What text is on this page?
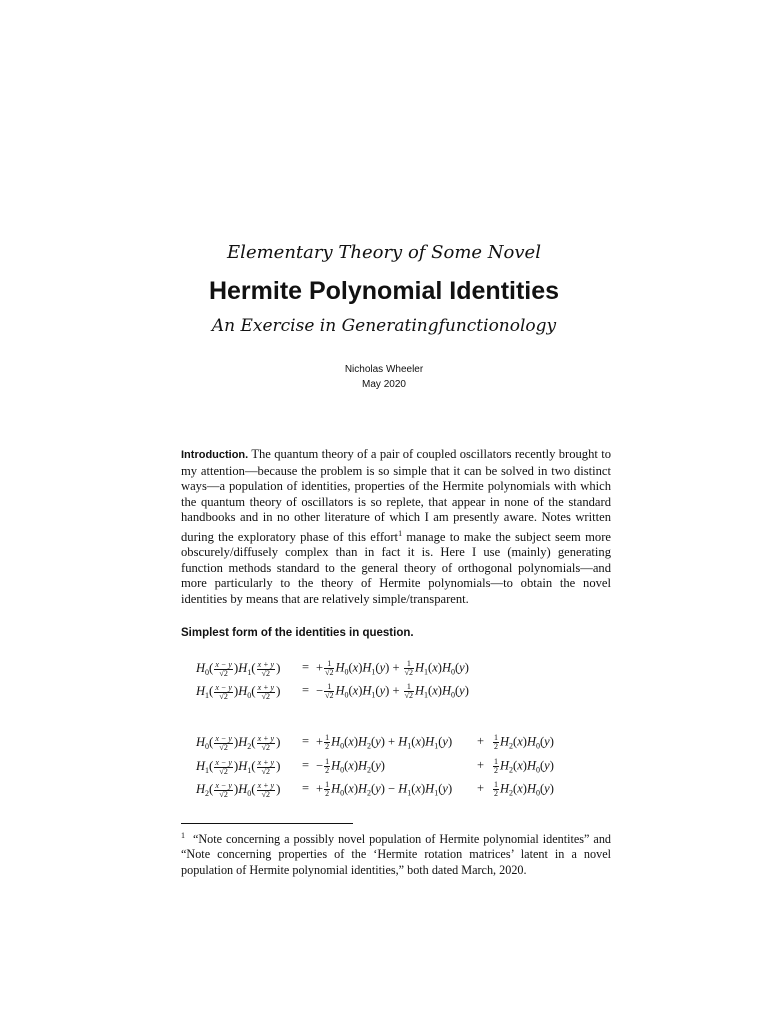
Elementary Theory of Some Novel
Hermite Polynomial Identities
An Exercise in Generatingfunctionology
Nicholas Wheeler
May 2020

Introduction. The quantum theory of a pair of coupled oscillators recently brought to my attention—because the problem is so simple that it can be solved in two distinct ways—a population of identities, properties of the Hermite polynomials with which the quantum theory of oscillators is so replete, that appear in none of the standard handbooks and in no other literature of which I am presently aware. Notes written during the exploratory phase of this effort$^1$ manage to make the subject seem more obscurely/diffusely complex than in fact it is. Here I use (mainly) generating function methods standard to the general theory of orthogonal polynomials—and more particularly to the theory of Hermite polynomials—to obtain the novel identities by means that are relatively simple/transparent.

Simplest form of the identities in question.
$H_0( \frac{x - y}{√2} )H_1( \frac{x + y}{√2}$ ) = + $\frac{1}{√2} H_0(x)H_1(y) + \frac{1}{√2} H_1(x)H_0(y)$
$H_1( \frac{x - y}{√2} )H_0( \frac{x + y}{√2}$ ) = − $\frac{1}{√2} H_0(x)H_1(y) + \frac{1}{√2} H_1(x)H_0(y)$
$H_0( \frac{x - y}{√2} )H_2( \frac{x + y}{√2}$ ) = + $\frac{1}{2} H_0(x)H_2(y) + H_1(x)H_1(y) + \frac{1}{2} H_2(x)H_0(y)$
$H_1( \frac{x - y}{√2} )H_1( \frac{x + y}{√2}$ ) = − $\frac{1}{2} H_0(x)H_2(y)$	+ $\frac{1}{2} H_2(x)H_0(y)$
$H_2( \frac{x - y}{√2} )H_0( \frac{x + y}{√2}$ ) = + $\frac{1}{2} H_0(x)H_2(y) - H_1(x)H_1(y) + \frac{1}{2} H_2(x)H_0(y)$

$^1$ “Note concerning a possibly novel population of Hermite polynomial identites” and “Note concerning properties of the ‘Hermite rotation matrices’ latent in a novel population of Hermite polynomial identities,” both dated March, 2020.
